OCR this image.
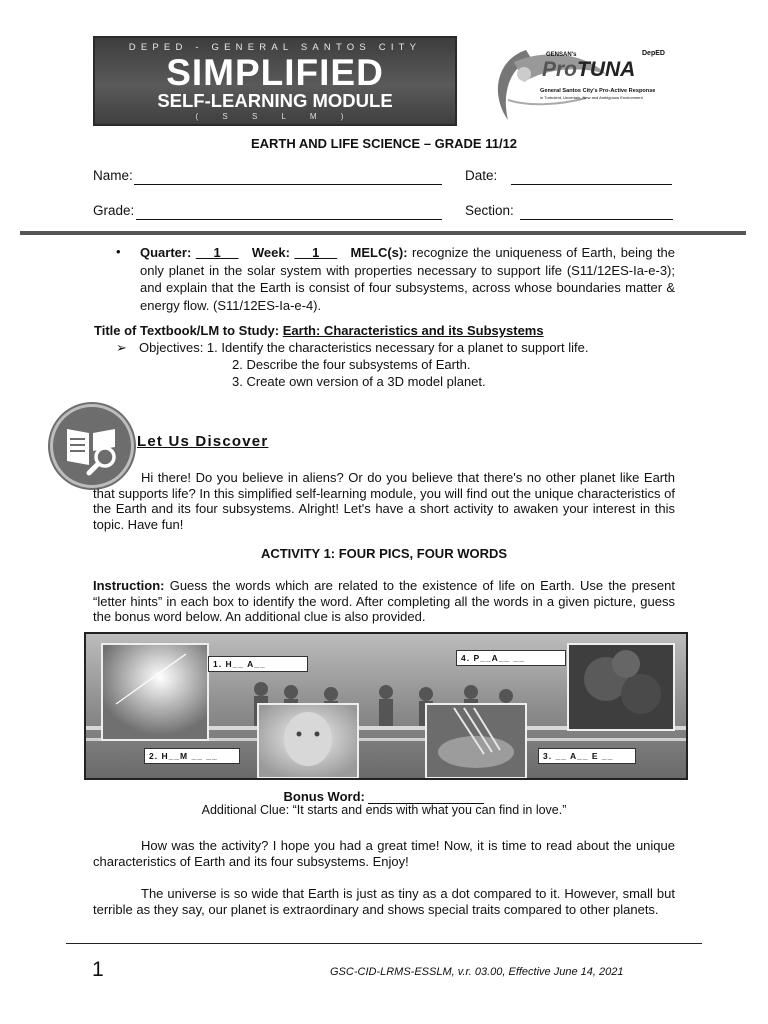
DEPED - GENERAL SANTOS CITY
SIMPLIFIED
SELF-LEARNING MODULE
( S S L M )
GENSAN's	DepED
ProTUNA
General Santos City's Pro-Active Response
in Turbulent, Uncertain, New and Ambiguous Environment
EARTH AND LIFE SCIENCE – GRADE 11/12
Name:	Date:
Grade:	Section:
• Quarter: 1 Week: 1 MELC(s): recognize the uniqueness of Earth, being the only planet in the solar system with properties necessary to support life (S11/12ES-Ia-e-3); and explain that the Earth is consist of four subsystems, across whose boundaries matter & energy flow. (S11/12ES-Ia-e-4).
Title of Textbook/LM to Study: Earth: Characteristics and its Subsystems
➢ Objectives: 1. Identify the characteristics necessary for a planet to support life.
2. Describe the four subsystems of Earth.
3. Create own version of a 3D model planet.
Let Us Discover
Hi there! Do you believe in aliens? Or do you believe that there's no other planet like Earth that supports life? In this simplified self-learning module, you will find out the unique characteristics of the Earth and its four subsystems. Alright! Let's have a short activity to awaken your interest in this topic. Have fun!
ACTIVITY 1: FOUR PICS, FOUR WORDS
Instruction: Guess the words which are related to the existence of life on Earth. Use the present “letter hints” in each box to identify the word. After completing all the words in a given picture, guess the bonus word below. An additional clue is also provided.
1. H__ A__
4. P__A__ __
2. H__M __ __	3. __ A__ E __
Bonus Word:
Additional Clue: “It starts and ends with what you can find in love.”
How was the activity? I hope you had a great time! Now, it is time to read about the unique characteristics of Earth and its four subsystems. Enjoy!
The universe is so wide that Earth is just as tiny as a dot compared to it. However, small but terrible as they say, our planet is extraordinary and shows special traits compared to other planets.
1	GSC-CID-LRMS-ESSLM, v.r. 03.00, Effective June 14, 2021
